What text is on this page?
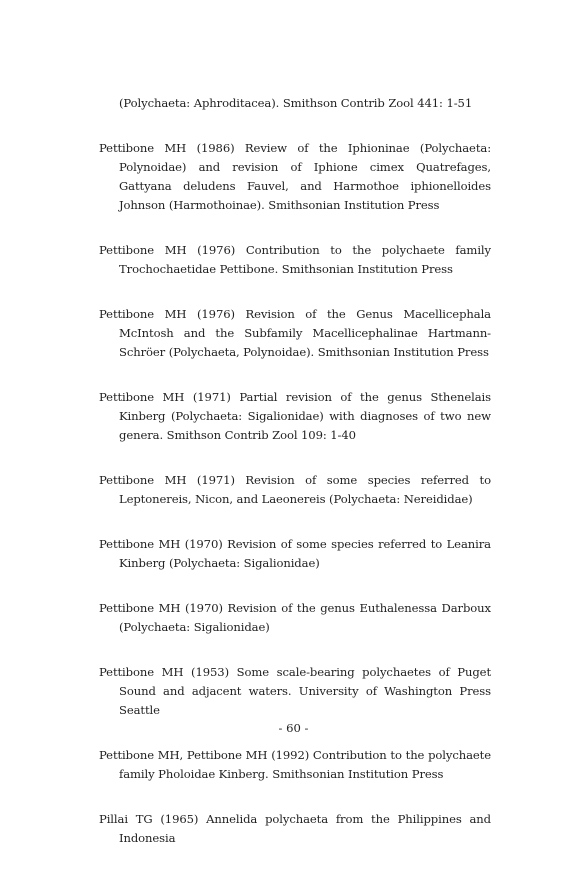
(Polychaeta: Aphroditacea). Smithson Contrib Zool 441: 1-51
Pettibone MH (1986) Review of the Iphioninae (Polychaeta: Polynoidae) and revision of Iphione cimex Quatrefages, Gattyana deludens Fauvel, and Harmothoe iphionelloides Johnson (Harmothoinae). Smithsonian Institution Press
Pettibone MH (1976) Contribution to the polychaete family Trochochaetidae Pettibone. Smithsonian Institution Press
Pettibone MH (1976) Revision of the Genus Macellicephala McIntosh and the Subfamily Macellicephalinae Hartmann-Schröer (Polychaeta, Polynoidae). Smithsonian Institution Press
Pettibone MH (1971) Partial revision of the genus Sthenelais Kinberg (Polychaeta: Sigalionidae) with diagnoses of two new genera. Smithson Contrib Zool 109: 1-40
Pettibone MH (1971) Revision of some species referred to Leptonereis, Nicon, and Laeonereis (Polychaeta: Nereididae)
Pettibone MH (1970) Revision of some species referred to Leanira Kinberg (Polychaeta: Sigalionidae)
Pettibone MH (1970) Revision of the genus Euthalenessa Darboux (Polychaeta: Sigalionidae)
Pettibone MH (1953) Some scale-bearing polychaetes of Puget Sound and adjacent waters. University of Washington Press Seattle
Pettibone MH, Pettibone MH (1992) Contribution to the polychaete family Pholoidae Kinberg. Smithsonian Institution Press
Pillai TG (1965) Annelida polychaeta from the Philippines and Indonesia
- 60 -
